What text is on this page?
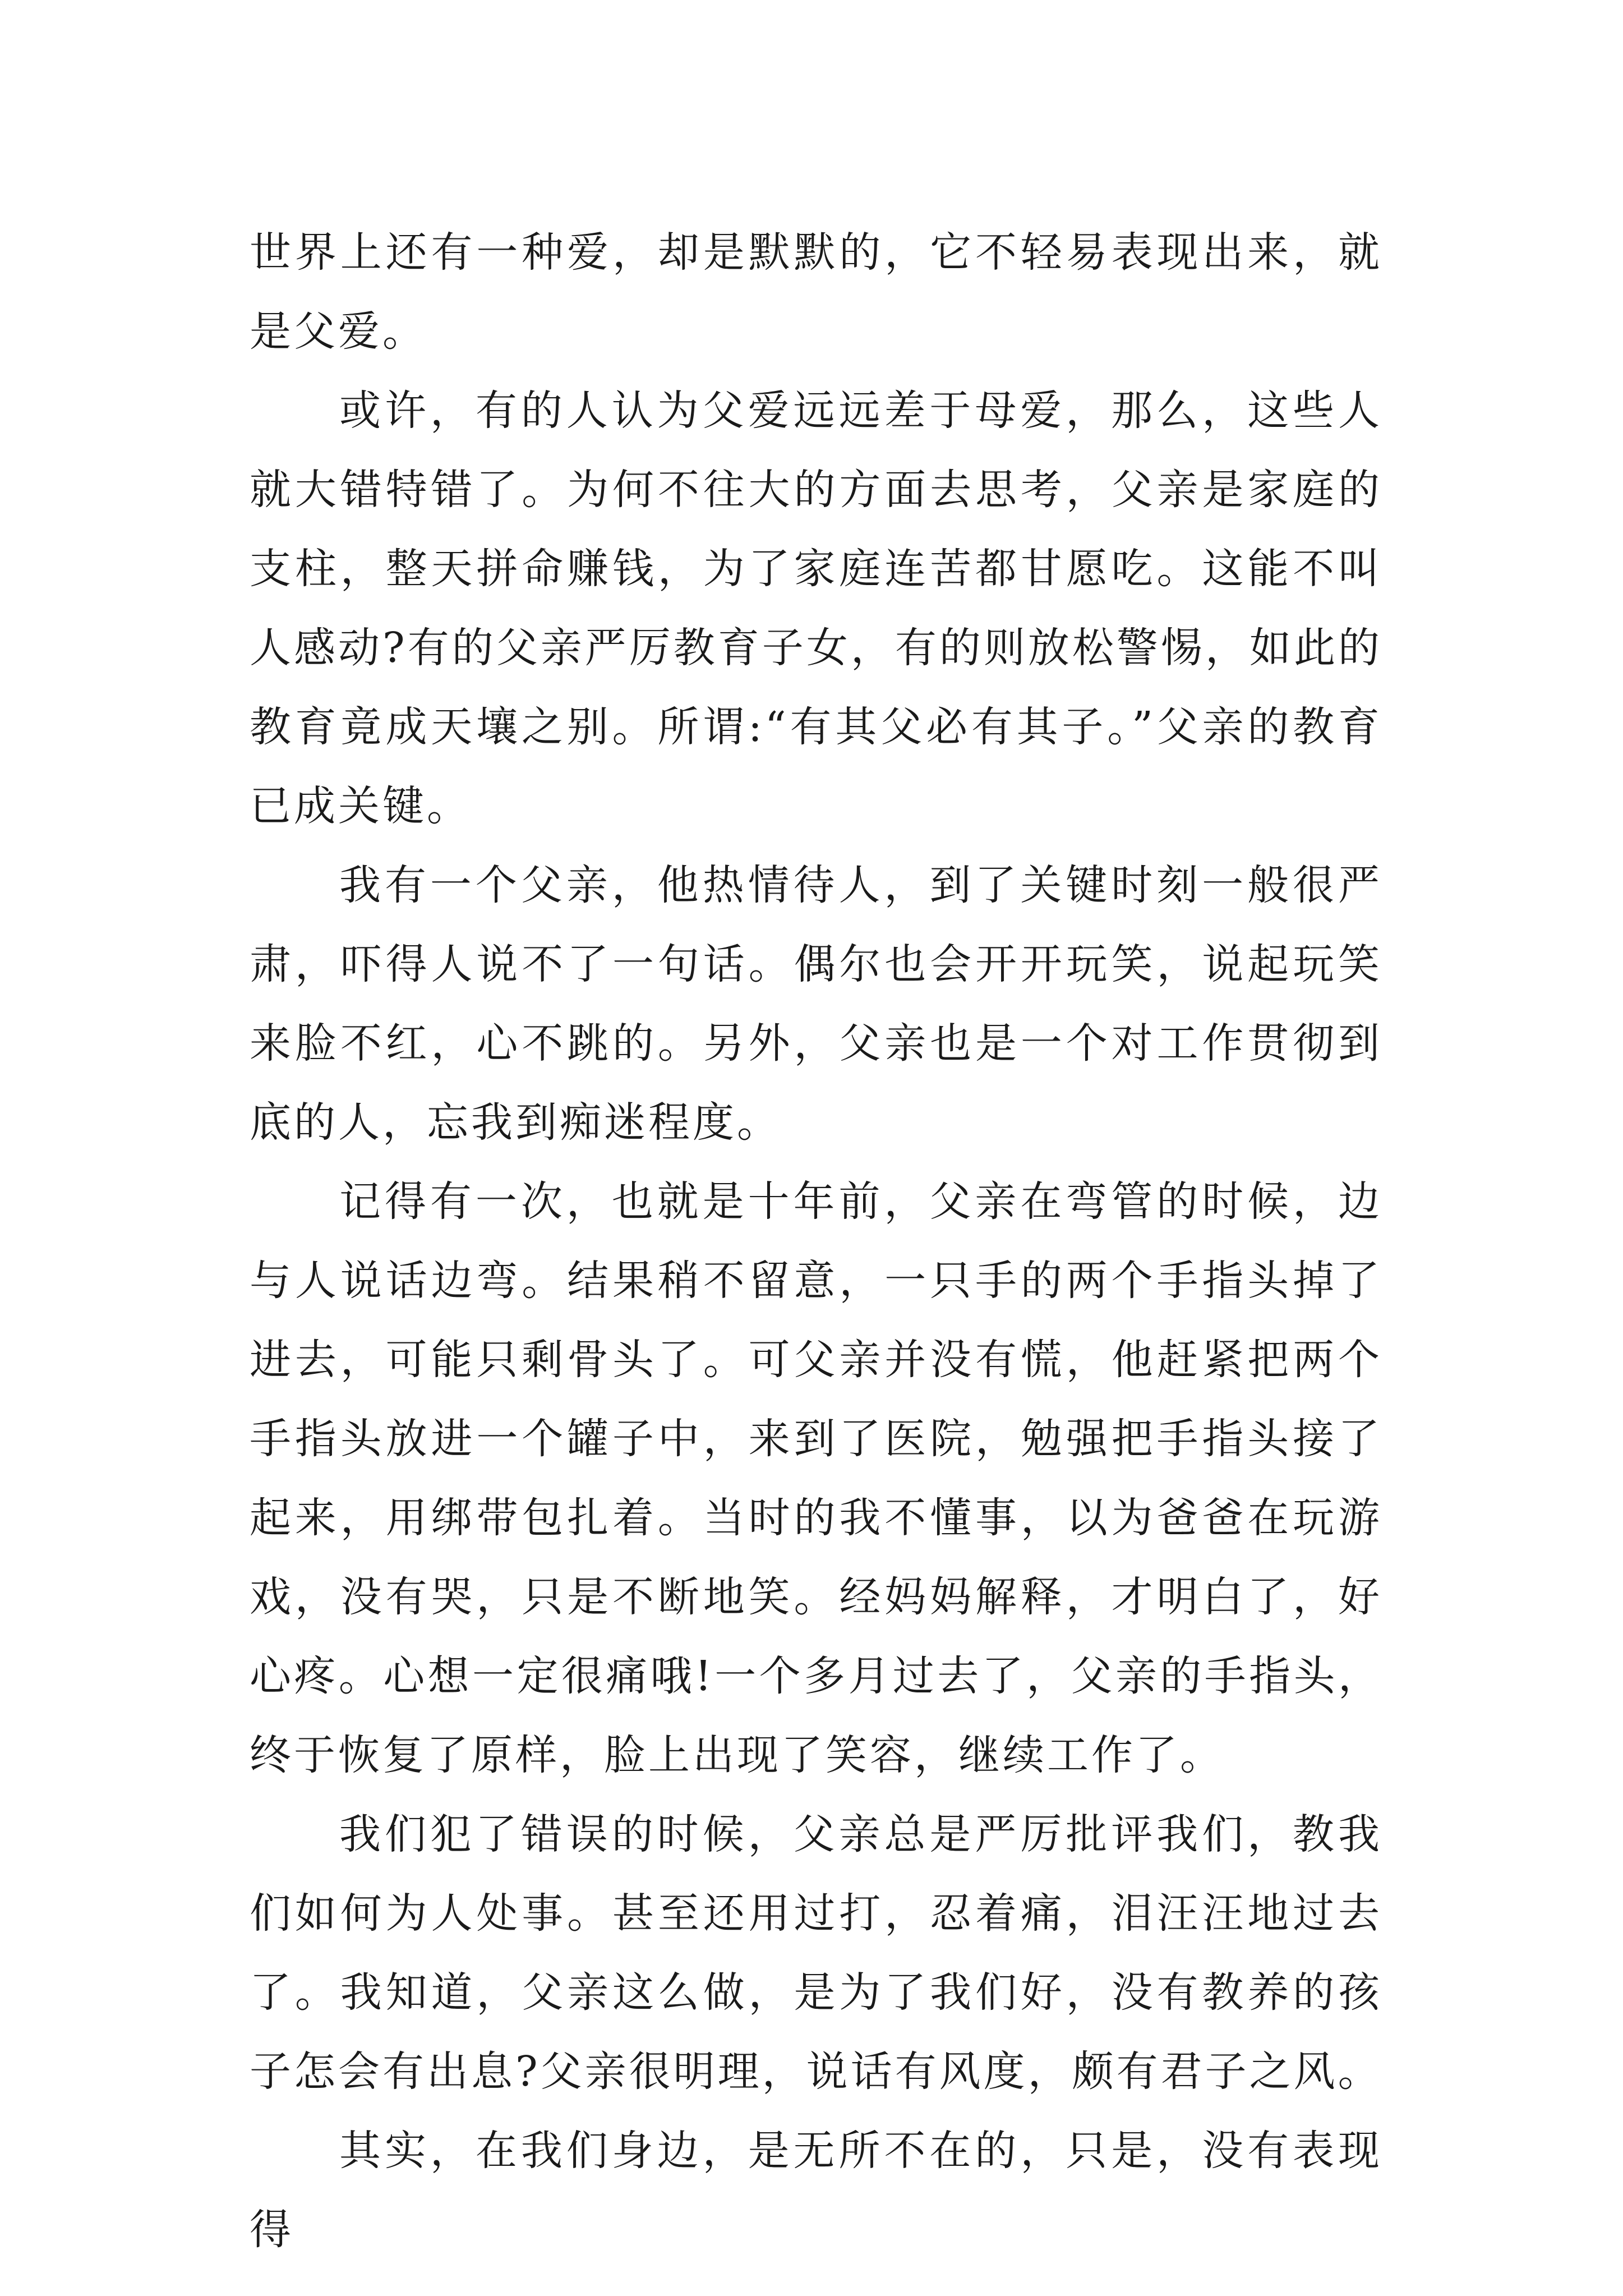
世界上还有一种爱，却是默默的，它不轻易表现出来，就是父爱。

或许，有的人认为父爱远远差于母爱，那么，这些人就大错特错了。为何不往大的方面去思考，父亲是家庭的支柱，整天拼命赚钱，为了家庭连苦都甘愿吃。这能不叫人感动?有的父亲严厉教育子女，有的则放松警惕，如此的教育竟成天壤之别。所谓:“有其父必有其子。”父亲的教育已成关键。

我有一个父亲，他热情待人，到了关键时刻一般很严肃，吓得人说不了一句话。偶尔也会开开玩笑，说起玩笑来脸不红，心不跳的。另外，父亲也是一个对工作贯彻到底的人，忘我到痴迷程度。

记得有一次，也就是十年前，父亲在弯管的时候，边与人说话边弯。结果稍不留意，一只手的两个手指头掉了进去，可能只剩骨头了。可父亲并没有慌，他赶紧把两个手指头放进一个罐子中，来到了医院，勉强把手指头接了起来，用绑带包扎着。当时的我不懂事，以为爸爸在玩游戏，没有哭，只是不断地笑。经妈妈解释，才明白了，好心疼。心想一定很痛哦!一个多月过去了，父亲的手指头，终于恢复了原样，脸上出现了笑容，继续工作了。

我们犯了错误的时候，父亲总是严厉批评我们，教我们如何为人处事。甚至还用过打，忍着痛，泪汪汪地过去了。我知道，父亲这么做，是为了我们好，没有教养的孩子怎会有出息?父亲很明理，说话有风度，颇有君子之风。

其实，在我们身边，是无所不在的，只是，没有表现得
